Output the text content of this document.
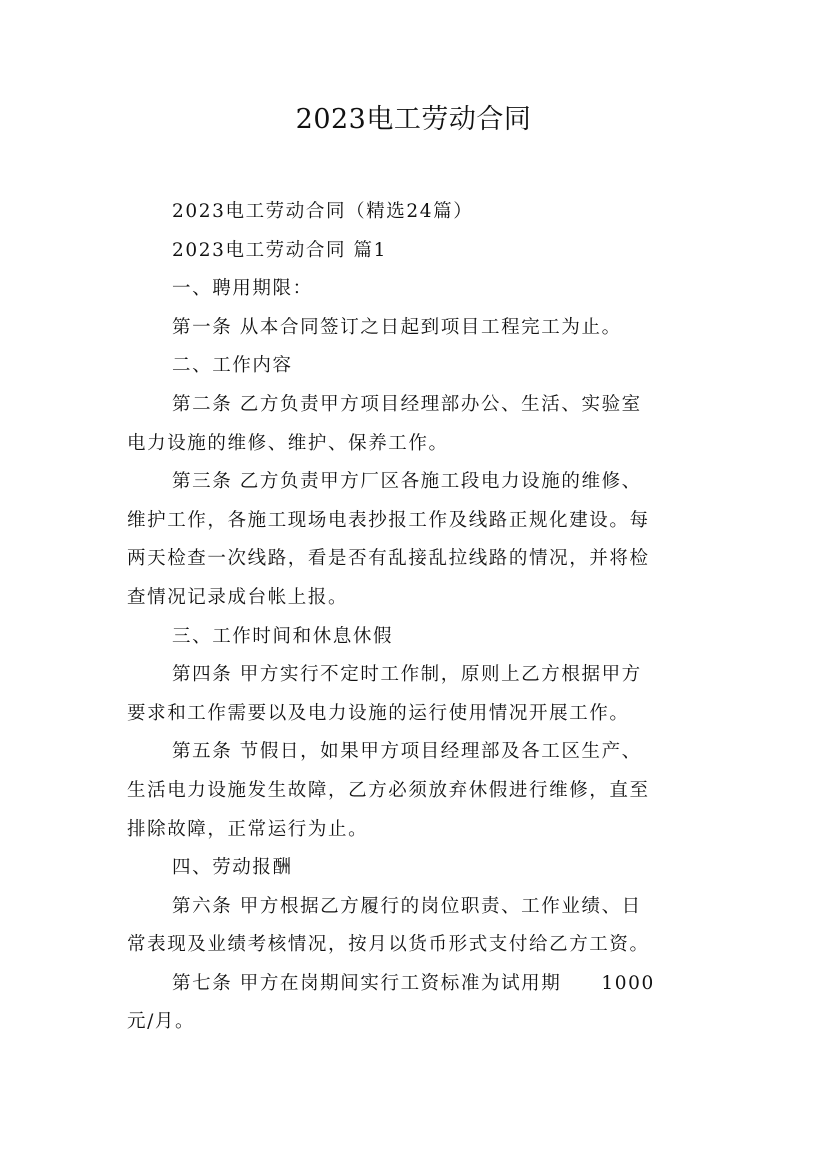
2023电工劳动合同
2023电工劳动合同（精选24篇）
2023电工劳动合同 篇1
一、聘用期限：
第一条 从本合同签订之日起到项目工程完工为止。
二、工作内容
第二条 乙方负责甲方项目经理部办公、生活、实验室
电力设施的维修、维护、保养工作。
第三条 乙方负责甲方厂区各施工段电力设施的维修、
维护工作，各施工现场电表抄报工作及线路正规化建设。每
两天检查一次线路，看是否有乱接乱拉线路的情况，并将检
查情况记录成台帐上报。
三、工作时间和休息休假
第四条 甲方实行不定时工作制，原则上乙方根据甲方
要求和工作需要以及电力设施的运行使用情况开展工作。
第五条 节假日，如果甲方项目经理部及各工区生产、
生活电力设施发生故障，乙方必须放弃休假进行维修，直至
排除故障，正常运行为止。
四、劳动报酬
第六条 甲方根据乙方履行的岗位职责、工作业绩、日
常表现及业绩考核情况，按月以货币形式支付给乙方工资。
第七条 甲方在岗期间实行工资标准为试用期 1000
元/月。
